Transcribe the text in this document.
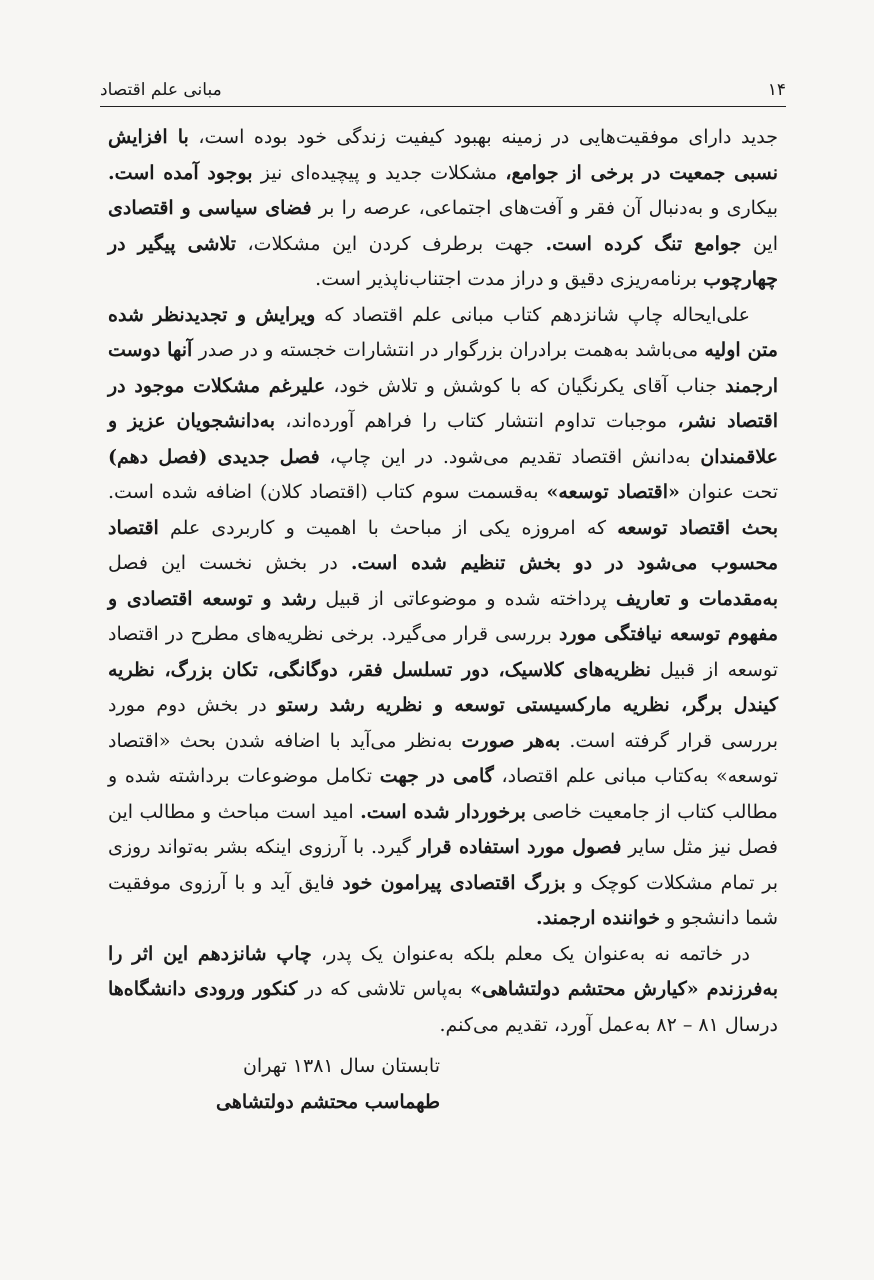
۱۴
مبانی علم اقتصاد

جدید دارای موفقیت‌هایی در زمینه بهبود کیفیت زندگی خود بوده است، با افزایش نسبی جمعیت در برخی از جوامع، مشکلات جدید و پیچیده‌ای نیز بوجود آمده است. بیکاری و به‌دنبال آن فقر و آفت‌های اجتماعی، عرصه را بر فضای سیاسی و اقتصادی این جوامع تنگ کرده است. جهت برطرف کردن این مشکلات، تلاشی پیگیر در چهارچوب برنامه‌ریزی دقیق و دراز مدت اجتناب‌ناپذیر است.

علی‌ایحاله چاپ شانزدهم کتاب مبانی علم اقتصاد که ویرایش و تجدیدنظر شده متن اولیه می‌باشد به‌همت برادران بزرگوار در انتشارات خجسته و در صدر آنها دوست ارجمند جناب آقای یکرنگیان که با کوشش و تلاش خود، علیرغم مشکلات موجود در اقتصاد نشر، موجبات تداوم انتشار کتاب را فراهم آورده‌اند، به‌دانشجویان عزیز و علاقمندان به‌دانش اقتصاد تقدیم می‌شود. در این چاپ، فصل جدیدی (فصل دهم) تحت عنوان «اقتصاد توسعه» به‌قسمت سوم کتاب (اقتصاد کلان) اضافه شده است. بحث اقتصاد توسعه که امروزه یکی از مباحث با اهمیت و کاربردی علم اقتصاد محسوب می‌شود در دو بخش تنظیم شده است. در بخش نخست این فصل به‌مقدمات و تعاریف پرداخته شده و موضوعاتی از قبیل رشد و توسعه اقتصادی و مفهوم توسعه نیافتگی مورد بررسی قرار می‌گیرد. برخی نظریه‌های مطرح در اقتصاد توسعه از قبیل نظریه‌های کلاسیک، دور تسلسل فقر، دوگانگی، تکان بزرگ، نظریه کیندل برگر، نظریه مارکسیستی توسعه و نظریه رشد رستو در بخش دوم مورد بررسی قرار گرفته است. به‌هر صورت به‌نظر می‌آید با اضافه شدن بحث «اقتصاد توسعه» به‌کتاب مبانی علم اقتصاد، گامی در جهت تکامل موضوعات برداشته شده و مطالب کتاب از جامعیت خاصی برخوردار شده است. امید است مباحث و مطالب این فصل نیز مثل سایر فصول مورد استفاده قرار گیرد. با آرزوی اینکه بشر به‌تواند روزی بر تمام مشکلات کوچک و بزرگ اقتصادی پیرامون خود فایق آید و با آرزوی موفقیت شما دانشجو و خواننده ارجمند.

در خاتمه نه به‌عنوان یک معلم بلکه به‌عنوان یک پدر، چاپ شانزدهم این اثر را به‌فرزندم «کیارش محتشم دولتشاهی» به‌پاس تلاشی که در کنکور ورودی دانشگاه‌ها درسال ۸۱ – ۸۲ به‌عمل آورد، تقدیم می‌کنم.

تابستان سال ۱۳۸۱ تهران
طهماسب محتشم دولتشاهی
